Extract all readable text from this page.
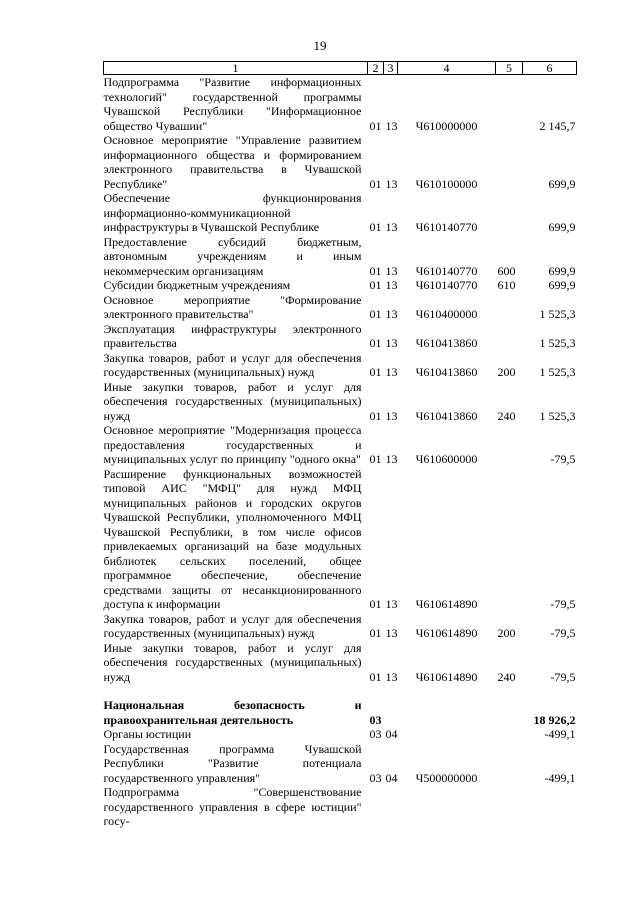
19
1	2	3	4	5	6
Подпрограмма "Развитие информационных технологий" государственной программы Чувашской Республики "Информационное общество Чувашии"	01	13	Ч610000000		2 145,7
Основное мероприятие "Управление развитием информационного общества и формированием электронного правительства в Чувашской Республике"	01	13	Ч610100000		699,9
Обеспечение функционирования информационно-коммуникационной инфраструктуры в Чувашской Республике	01	13	Ч610140770		699,9
Предоставление субсидий бюджетным, автономным учреждениям и иным некоммерческим организациям	01	13	Ч610140770	600	699,9
Субсидии бюджетным учреждениям	01	13	Ч610140770	610	699,9
Основное мероприятие "Формирование электронного правительства"	01	13	Ч610400000		1 525,3
Эксплуатация инфраструктуры электронного правительства	01	13	Ч610413860		1 525,3
Закупка товаров, работ и услуг для обеспечения государственных (муниципальных) нужд	01	13	Ч610413860	200	1 525,3
Иные закупки товаров, работ и услуг для обеспечения государственных (муниципальных) нужд	01	13	Ч610413860	240	1 525,3
Основное мероприятие "Модернизация процесса предоставления государственных и муниципальных услуг по принципу "одного окна"	01	13	Ч610600000		-79,5
Расширение функциональных возможностей типовой АИС "МФЦ" для нужд МФЦ муниципальных районов и городских округов Чувашской Республики, уполномоченного МФЦ Чувашской Республики, в том числе офисов привлекаемых организаций на базе модульных библиотек сельских поселений, общее программное обеспечение, обеспечение средствами защиты от несанкционированного доступа к информации	01	13	Ч610614890		-79,5
Закупка товаров, работ и услуг для обеспечения государственных (муниципальных) нужд	01	13	Ч610614890	200	-79,5
Иные закупки товаров, работ и услуг для обеспечения государственных (муниципальных) нужд	01	13	Ч610614890	240	-79,5

Национальная безопасность и правоохранительная деятельность	03				18 926,2
Органы юстиции	03	04			-499,1
Государственная программа Чувашской Республики "Развитие потенциала государственного управления"	03	04	Ч500000000		-499,1
Подпрограмма "Совершенствование государственного управления в сфере юстиции" госу-					
